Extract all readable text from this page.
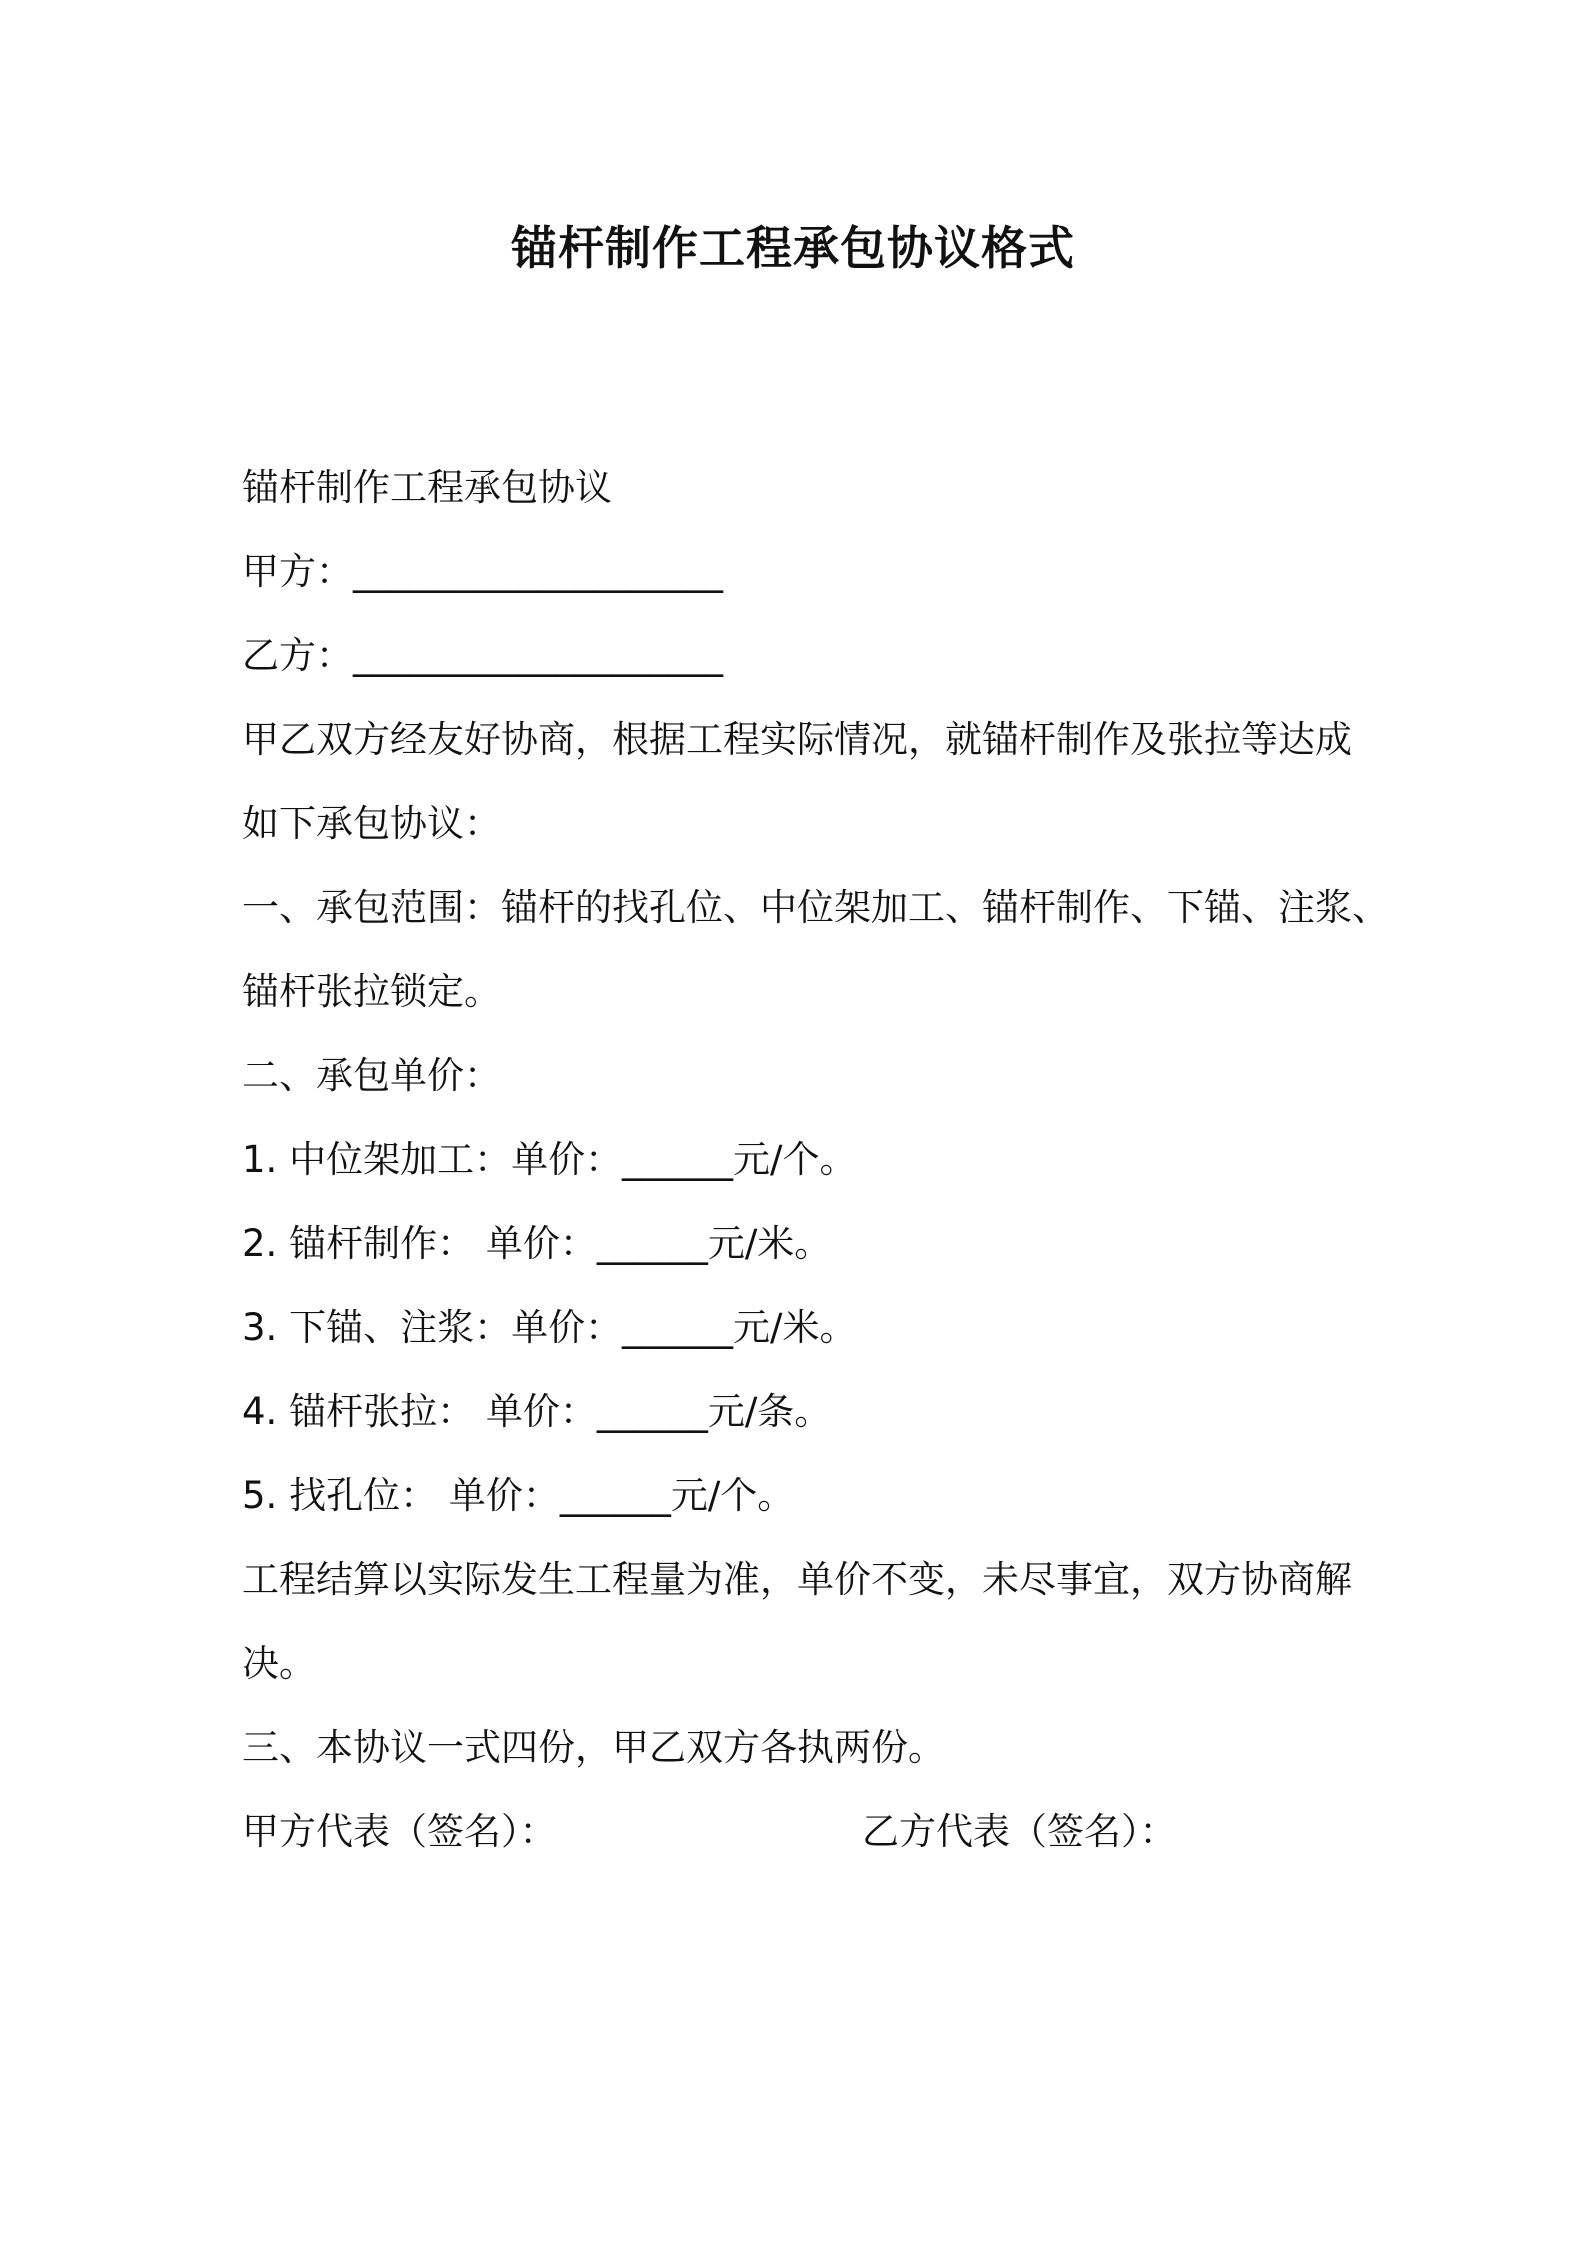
锚杆制作工程承包协议格式
锚杆制作工程承包协议
甲方：____________________
乙方：____________________
甲乙双方经友好协商，根据工程实际情况，就锚杆制作及张拉等达成
如下承包协议：
一、承包范围：锚杆的找孔位、中位架加工、锚杆制作、下锚、注浆、
锚杆张拉锁定。
二、承包单价：
1. 中位架加工：单价：______元/个。
2. 锚杆制作： 单价：______元/米。
3. 下锚、注浆：单价：______元/米。
4. 锚杆张拉： 单价：______元/条。
5. 找孔位： 单价：______元/个。
工程结算以实际发生工程量为准，单价不变，未尽事宜，双方协商解
决。
三、本协议一式四份，甲乙双方各执两份。
甲方代表（签名）：	乙方代表（签名）：
